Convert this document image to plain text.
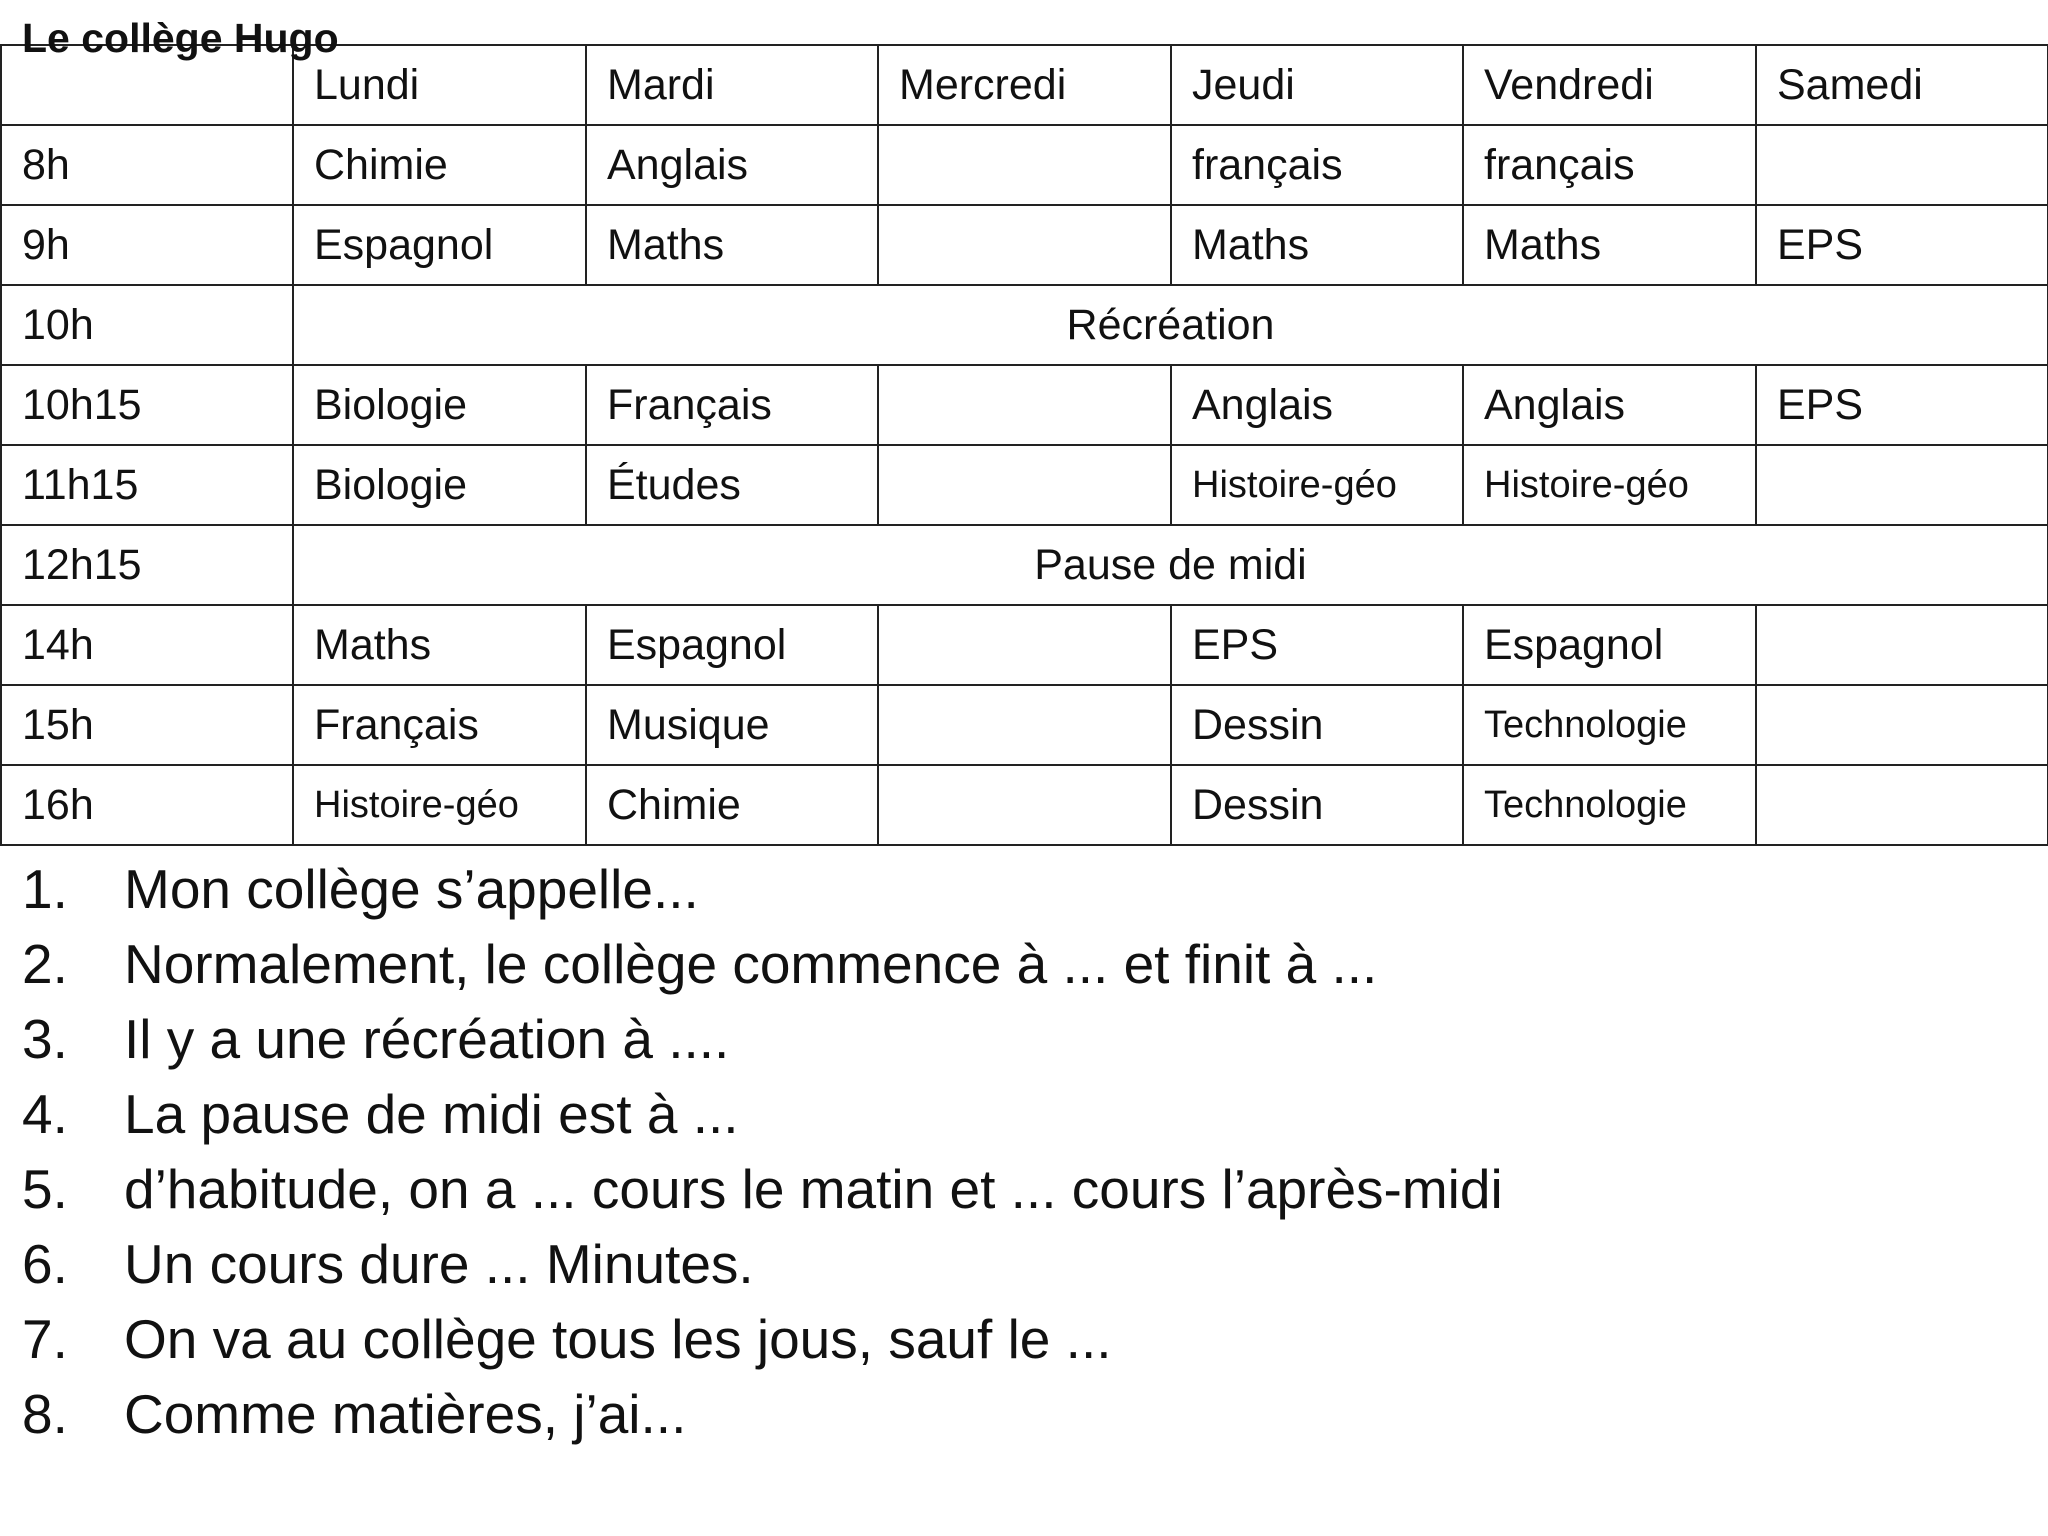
Le collège Hugo
	Lundi	Mardi	Mercredi	Jeudi	Vendredi	Samedi
8h	Chimie	Anglais		français	français	
9h	Espagnol	Maths		Maths	Maths	EPS
10h	Récréation					
10h15	Biologie	Français		Anglais	Anglais	EPS
11h15	Biologie	Études		Histoire-géo	Histoire-géo	
12h15	Pause de midi					
14h	Maths	Espagnol		EPS	Espagnol	
15h	Français	Musique		Dessin	Technologie	
16h	Histoire-géo	Chimie		Dessin	Technologie	
1.	Mon collège s’appelle...
2.	Normalement, le collège commence à ... et finit à ...
3.	Il y a une récréation à ....
4.	La pause de midi est à ...
5.	d’habitude, on a ... cours le matin et ... cours l’après-midi
6.	Un cours dure ... Minutes.
7.	On va au collège tous les jous, sauf le ...
8.	Comme matières, j’ai...
